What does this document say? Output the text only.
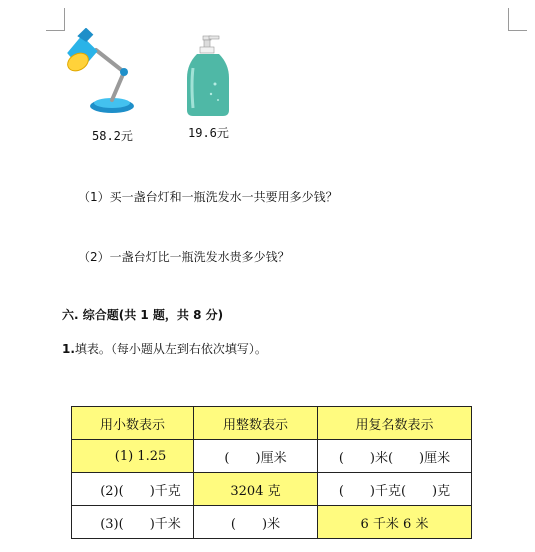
58.2元	19.6元
（1）买一盏台灯和一瓶洗发水一共要用多少钱？
（2）一盏台灯比一瓶洗发水贵多少钱？
六. 综合题(共 1 题，共 8 分)
1.填表。（每小题从左到右依次填写）。
用小数表示	用整数表示	用复名数表示
(1) 1.25	(　　)厘米	(　　)米(　　)厘米
(2)(　　)千克	3204 克	(　　)千克(　　)克
(3)(　　)千米	(　　)米	6 千米 6 米
